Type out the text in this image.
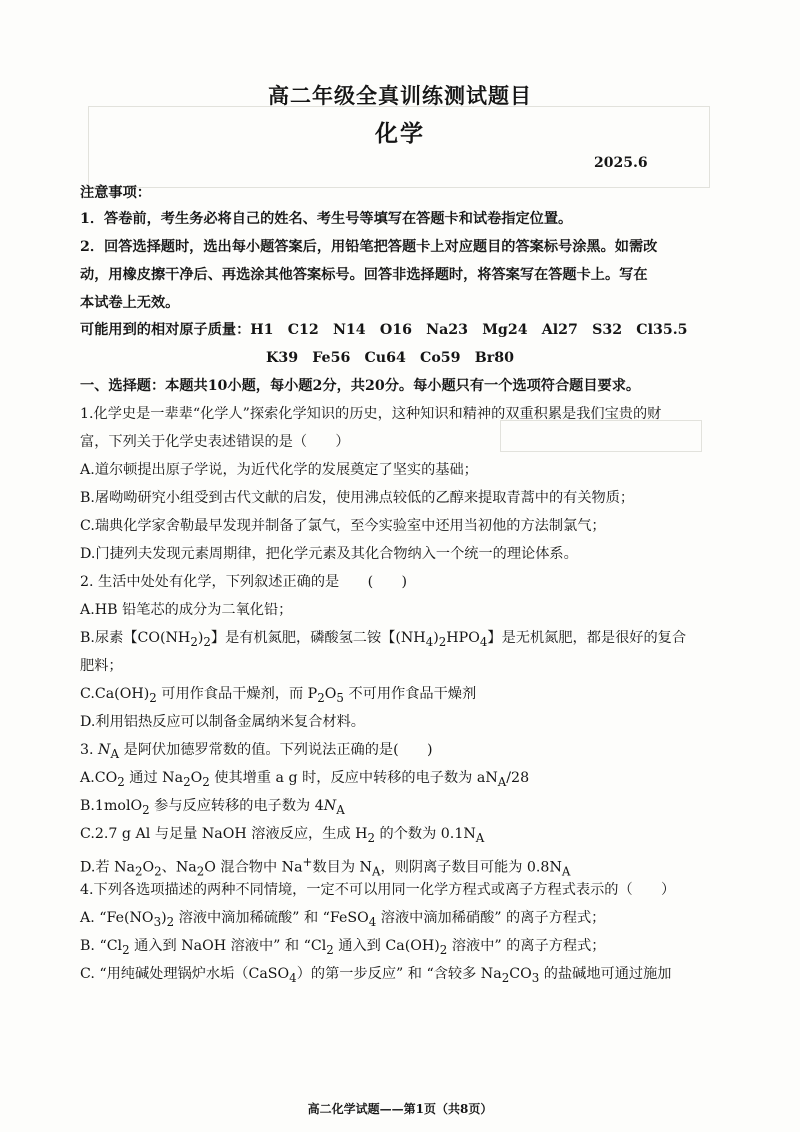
高二年级全真训练测试题目
化学
2025.6
注意事项：
1．答卷前，考生务必将自己的姓名、考生号等填写在答题卡和试卷指定位置。
2．回答选择题时，选出每小题答案后，用铅笔把答题卡上对应题目的答案标号涂黑。如需改
动，用橡皮擦干净后、再选涂其他答案标号。回答非选择题时，将答案写在答题卡上。写在
本试卷上无效。
可能用到的相对原子质量：H1　C12　N14　O16　Na23　Mg24　Al27　S32　Cl35.5
K39　Fe56　Cu64　Co59　Br80
一、选择题：本题共10小题，每小题2分，共20分。每小题只有一个选项符合题目要求。
1.化学史是一辈辈“化学人”探索化学知识的历史，这种知识和精神的双重积累是我们宝贵的财
富，下列关于化学史表述错误的是（　　）
A.道尔顿提出原子学说，为近代化学的发展奠定了坚实的基础；
B.屠呦呦研究小组受到古代文献的启发，使用沸点较低的乙醇来提取青蒿中的有关物质；
C.瑞典化学家舍勒最早发现并制备了氯气，至今实验室中还用当初他的方法制氯气；
D.门捷列夫发现元素周期律，把化学元素及其化合物纳入一个统一的理论体系。
2. 生活中处处有化学，下列叙述正确的是　　(　　)
A.HB 铅笔芯的成分为二氧化铅；
B.尿素【$CO(NH_2)_2$】是有机氮肥，磷酸氢二铵【$(NH_4)_2HPO_4$】是无机氮肥，都是很好的复合
肥料；
$C.Ca(OH)_2$ 可用作食品干燥剂，而 $P_2O_5$ 不可用作食品干燥剂
D.利用铝热反应可以制备金属纳米复合材料。
3. $N_A$ 是阿伏加德罗常数的值。下列说法正确的是(　　)
$A.CO_2$ 通过 $Na_2O_2$ 使其增重 a g 时，反应中转移的电子数为 $aN_A/28$
B.1molO$_2$ 参与反应转移的电子数为 $4N_A$
C.2.7 g Al 与足量 NaOH 溶液反应，生成 $H_2$ 的个数为 $0.1N_A$
D.若 $Na_2O_2$、$Na_2O$ 混合物中 Na+数目为 $N_A$，则阴离子数目可能为 $0.8N_A$
4.下列各选项描述的两种不同情境，一定不可以用同一化学方程式或离子方程式表示的（　　）
A. “$Fe(NO_3)_2$ 溶液中滴加稀硫酸” 和 “FeSO$_4$ 溶液中滴加稀硝酸” 的离子方程式；
B. “$Cl_2$ 通入到 NaOH 溶液中” 和 “$Cl_2$ 通入到 $Ca(OH)_2$ 溶液中” 的离子方程式；
C. “用纯碱处理锅炉水垢（CaSO$_4$）的第一步反应” 和 “含较多 $Na_2CO_3$ 的盐碱地可通过施加
高二化学试题——第1页（共8页）
